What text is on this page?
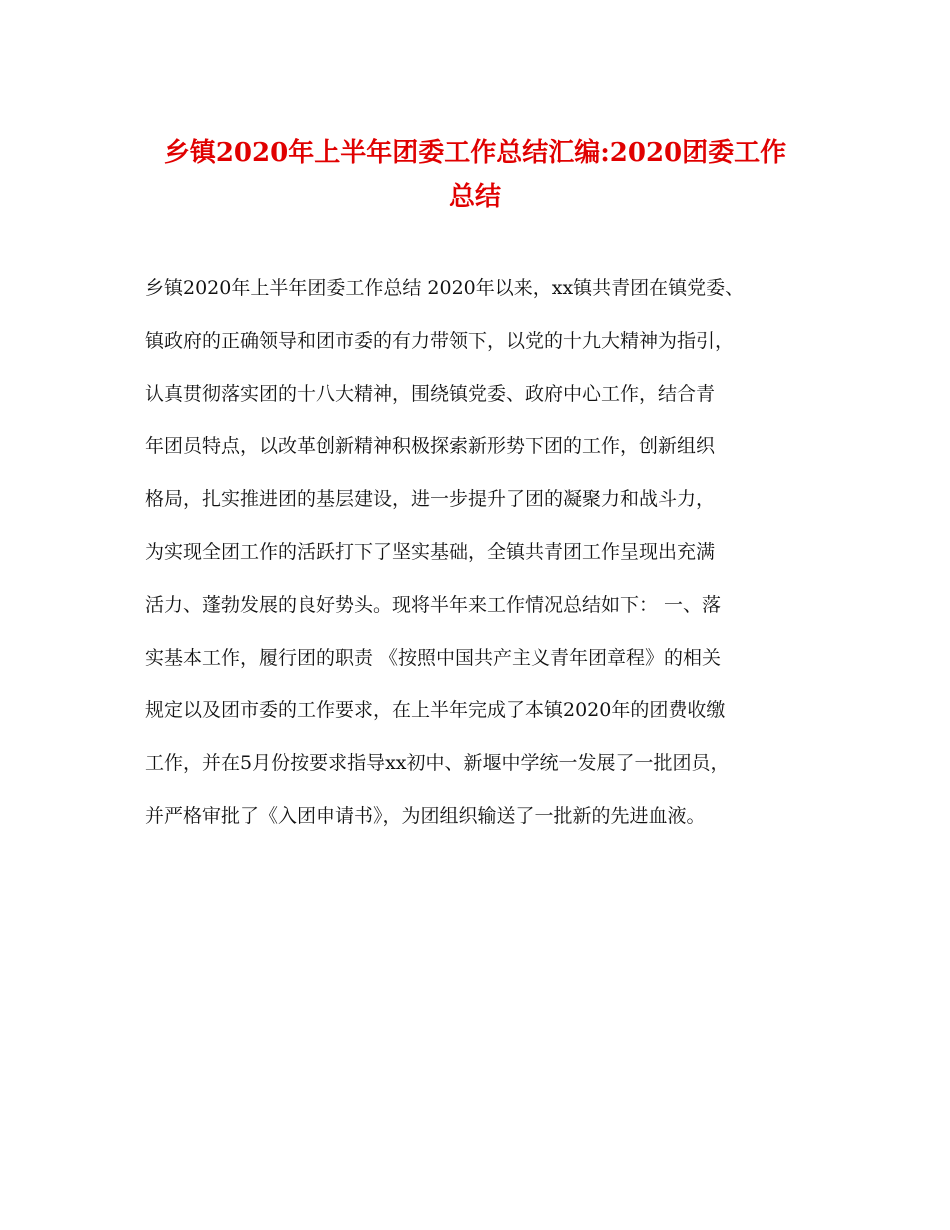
乡镇2020年上半年团委工作总结汇编:2020团委工作
总结
乡镇2020年上半年团委工作总结 2020年以来，xx镇共青团在镇党委、
镇政府的正确领导和团市委的有力带领下，以党的十九大精神为指引，
认真贯彻落实团的十八大精神，围绕镇党委、政府中心工作，结合青
年团员特点，以改革创新精神积极探索新形势下团的工作，创新组织
格局，扎实推进团的基层建设，进一步提升了团的凝聚力和战斗力，
为实现全团工作的活跃打下了坚实基础，全镇共青团工作呈现出充满
活力、蓬勃发展的良好势头。现将半年来工作情况总结如下： 一、落
实基本工作，履行团的职责 《按照中国共产主义青年团章程》的相关
规定以及团市委的工作要求，在上半年完成了本镇2020年的团费收缴
工作，并在5月份按要求指导xx初中、新堰中学统一发展了一批团员，
并严格审批了《入团申请书》，为团组织输送了一批新的先进血液。
